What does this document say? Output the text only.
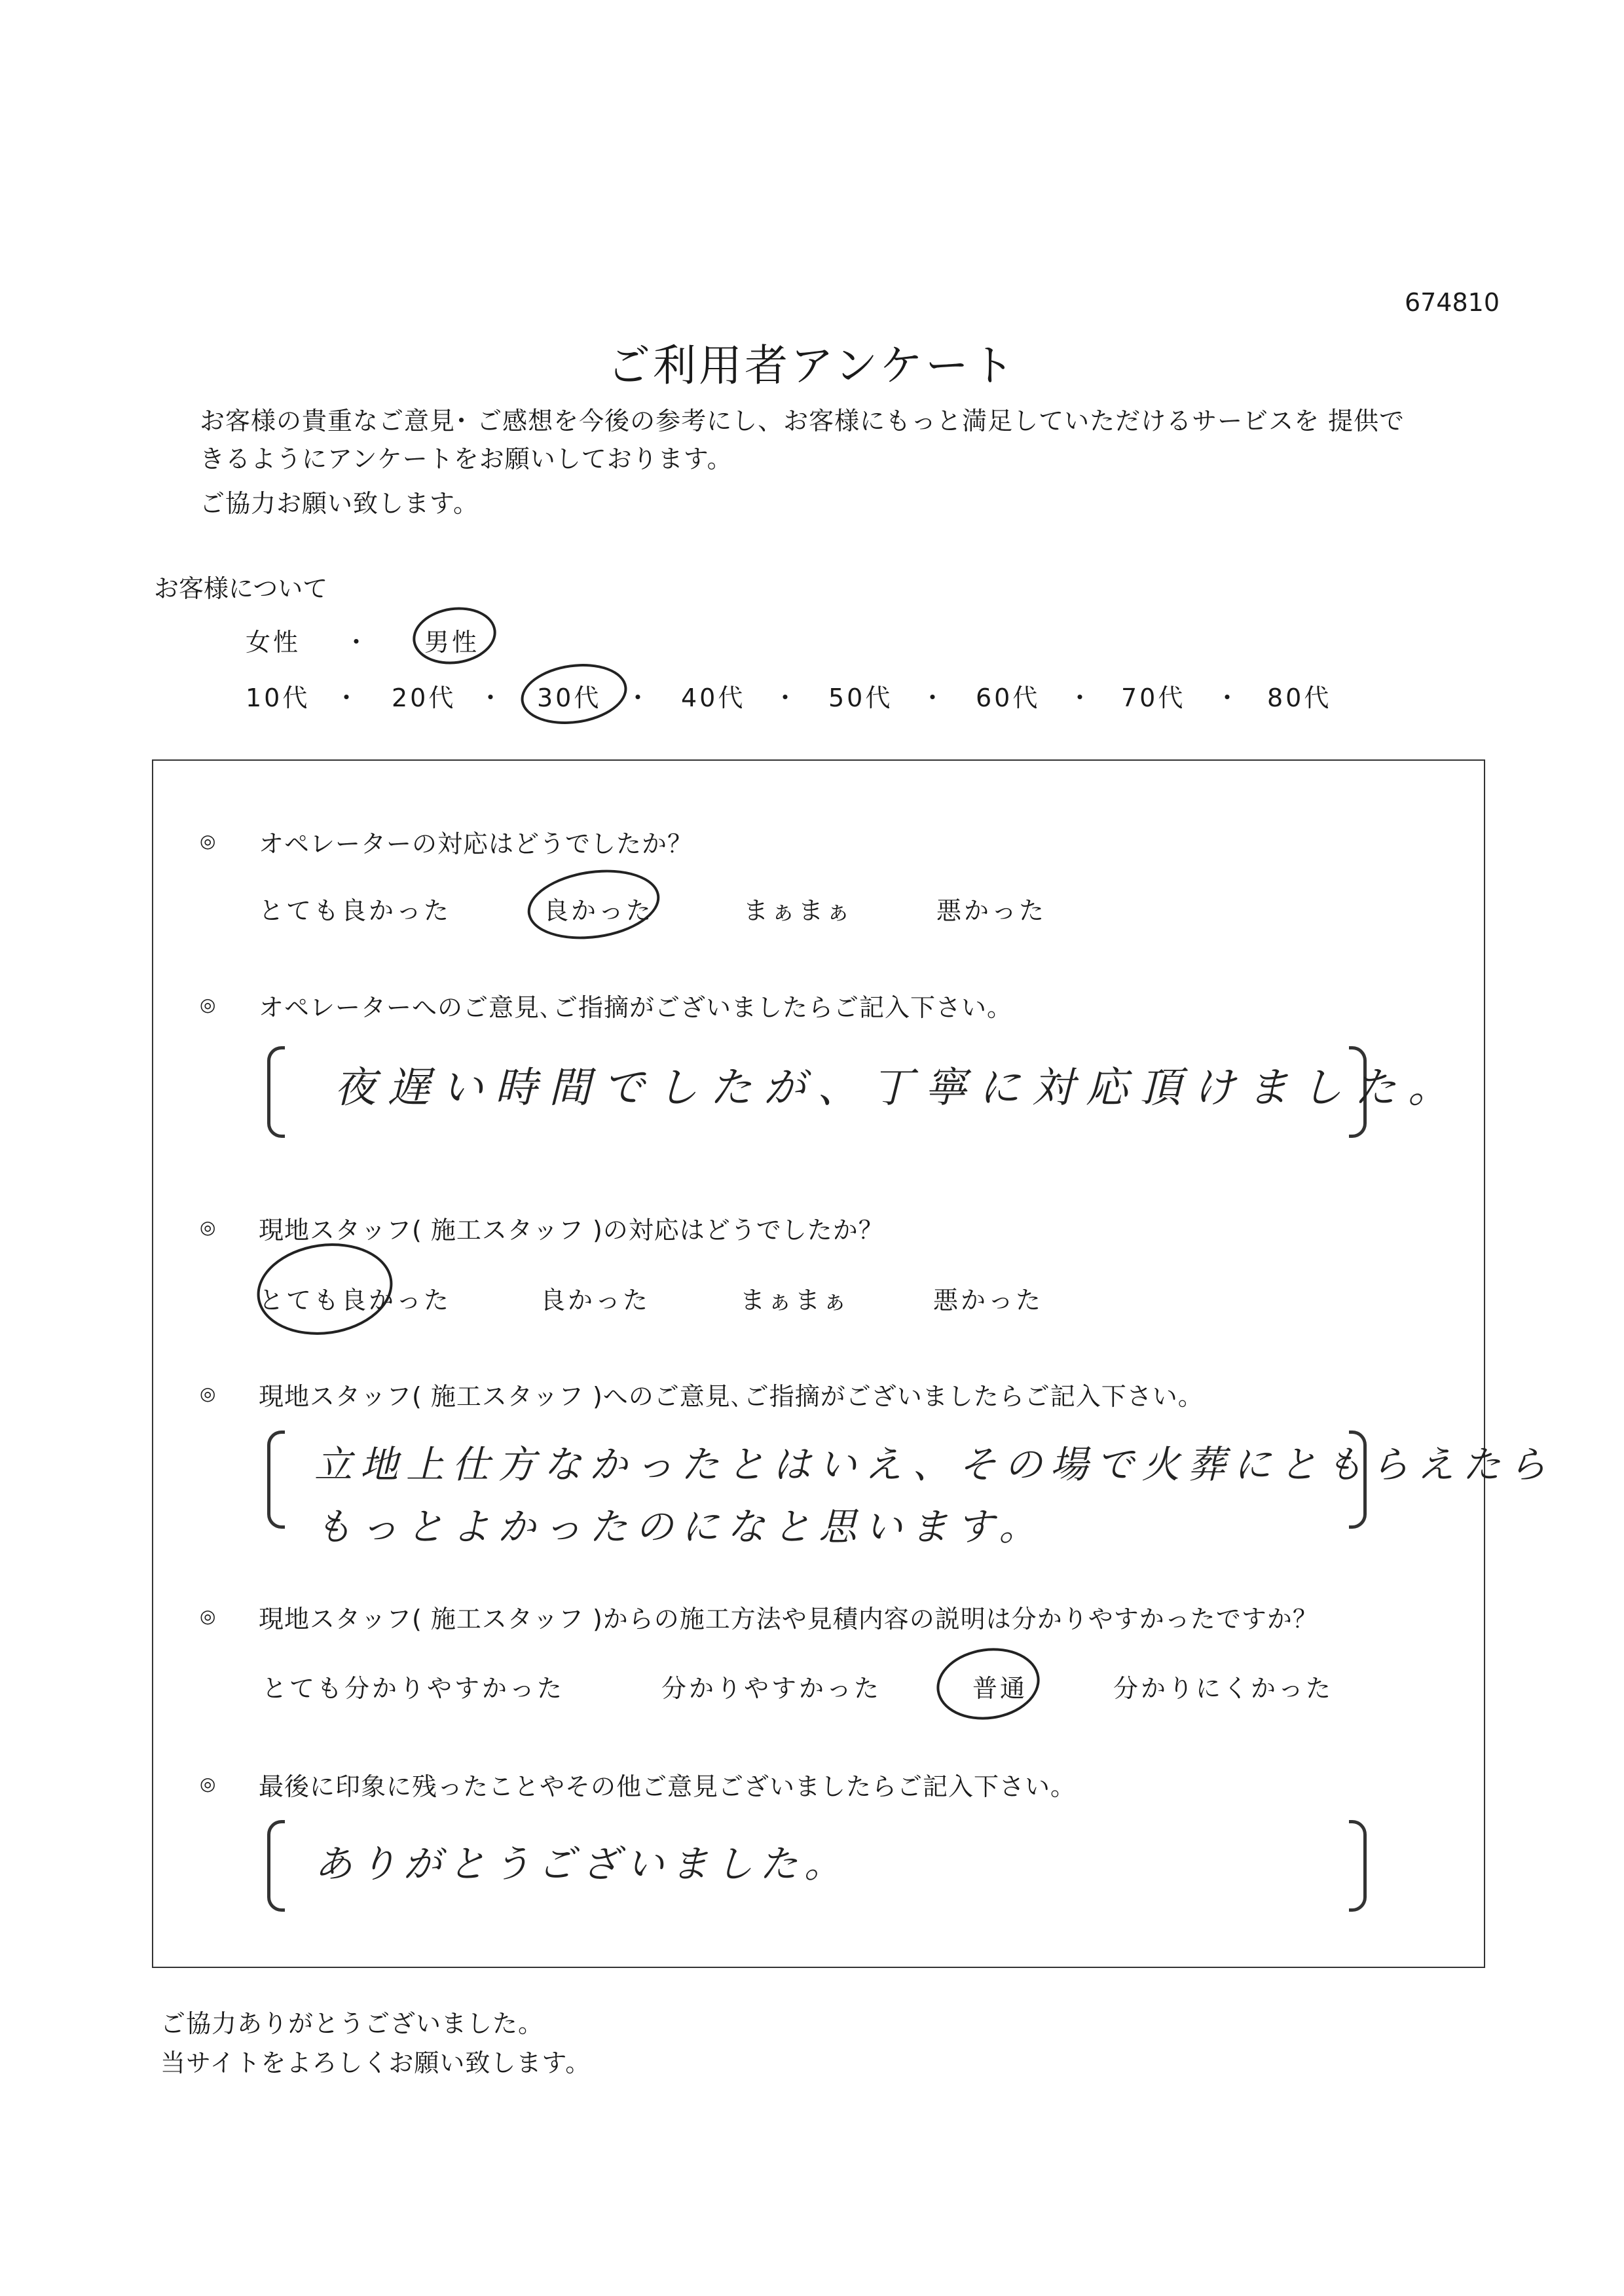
674810
ご利用者アンケート
お客様の貴重なご意見･ ご感想を今後の参考にし、お客様にもっと満足していただけるサービスを 提供で
きるようにアンケートをお願いしております。
ご協力お願い致します。
お客様について
女性 ・ 男性
10代 ・ 20代 ・ 30代 ・ 40代 ・ 50代 ・ 60代 ・ 70代 ・ 80代
◎ オペレーターの対応はどうでしたか？
とても良かった	良かった	まぁまぁ	悪かった
◎ オペレーターへのご意見､ご指摘がございましたらご記入下さい。
夜遅い時間でしたが、丁寧に対応頂けました。
◎ 現地スタッフ( 施工スタッフ )の対応はどうでしたか？
とても良かった	良かった	まぁまぁ	悪かった
◎ 現地スタッフ( 施工スタッフ )へのご意見､ご指摘がございましたらご記入下さい。
立地上仕方なかったとはいえ、その場で火葬にともらえたら
もっとよかったのになと思います。
◎ 現地スタッフ( 施工スタッフ )からの施工方法や見積内容の説明は分かりやすかったですか？
とても分かりやすかった	分かりやすかった	普通	分かりにくかった
◎ 最後に印象に残ったことやその他ご意見ございましたらご記入下さい。
ありがとうございました。
ご協力ありがとうございました。
当サイトをよろしくお願い致します。
